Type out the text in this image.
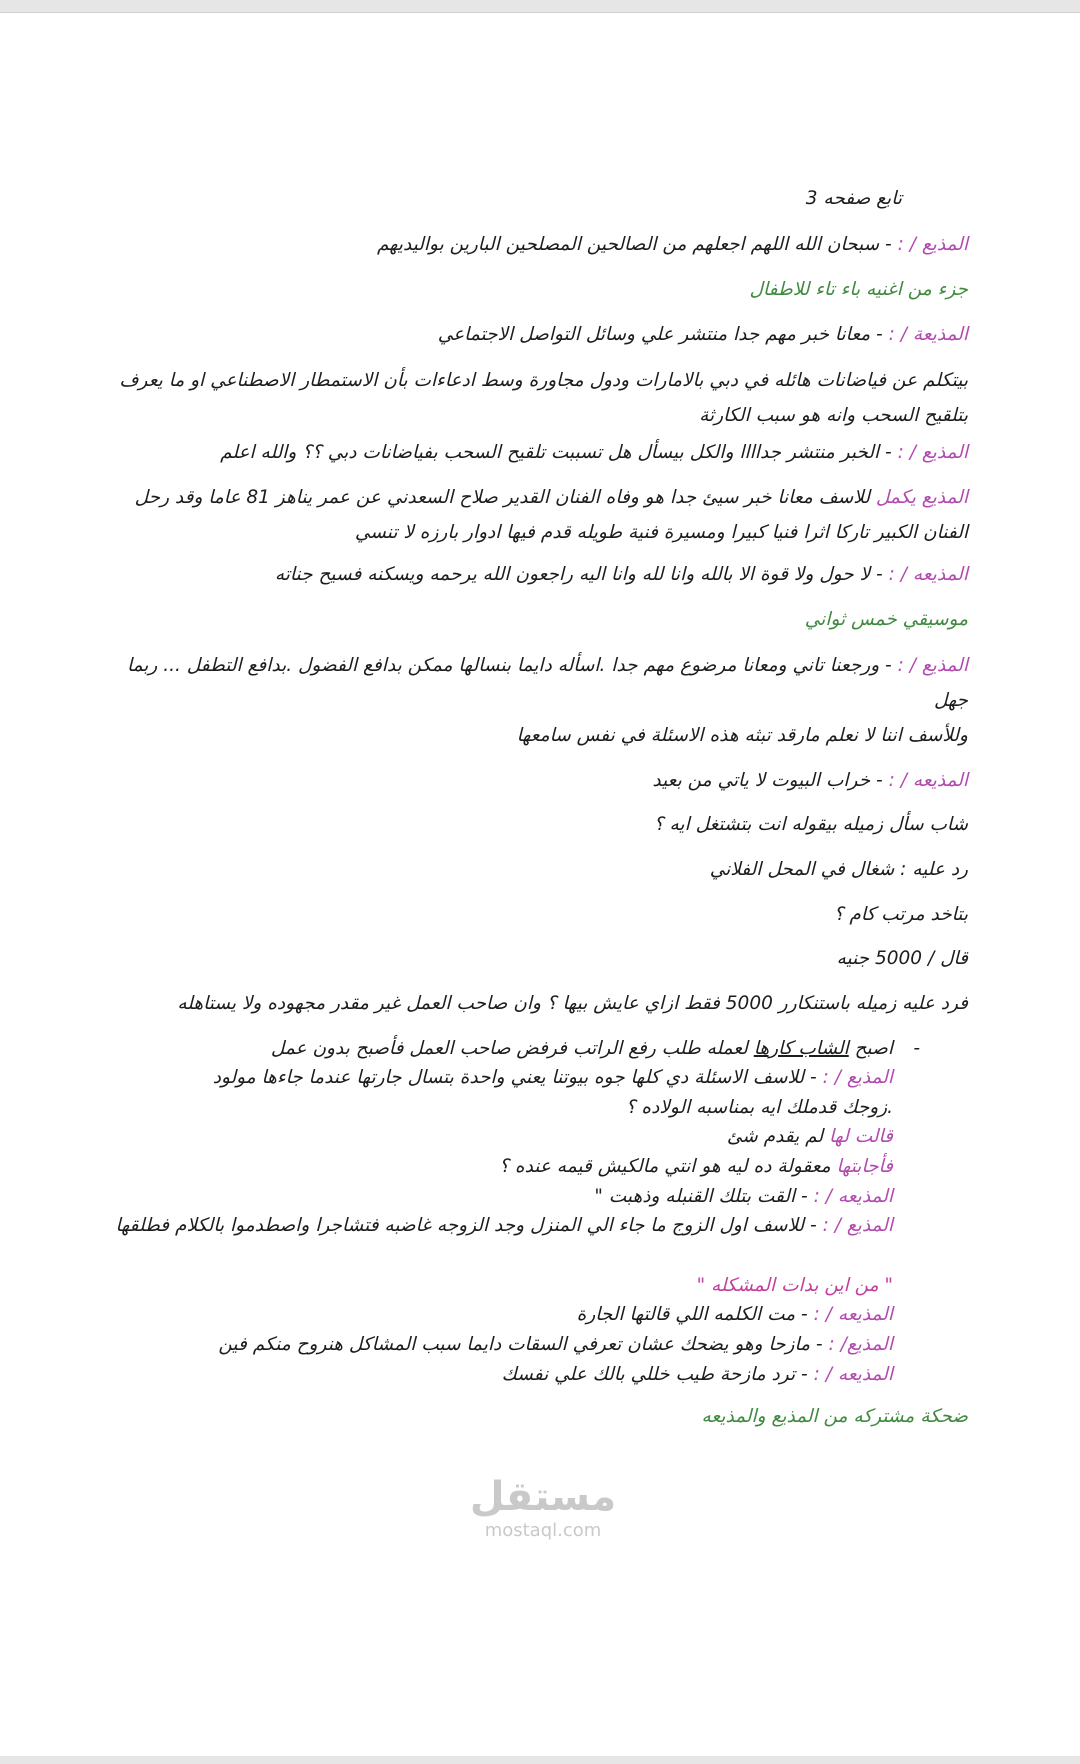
تابع صفحه 3
المذيع / : - سبحان الله اللهم اجعلهم من الصالحين المصلحين البارين بواليديهم
جزء من اغنيه باء تاء للاطفال
المذيعة / : - معانا خبر مهم جدا منتشر علي وسائل التواصل الاجتماعي
بيتكلم عن فياضانات هائله في دبي بالامارات ودول مجاورة وسط ادعاءات بأن الاستمطار الاصطناعي او ما يعرف بتلقيح السحب وانه هو سبب الكارثة
المذيع / : - الخبر منتشر جداااا والكل بيسأل هل تسببت تلقيح السحب بفياضانات دبي ؟؟ والله اعلم
المذيع يكمل للاسف معانا خبر سيئ جدا هو وفاه الفنان القدير صلاح السعدني عن عمر يناهز 81 عاما وقد رحل الفنان الكبير تاركا اثرا فنيا كبيرا ومسيرة فنية طويله قدم فيها ادوار بارزه لا تنسي
المذيعه / : - لا حول ولا قوة الا بالله وانا لله وانا اليه راجعون الله يرحمه ويسكنه فسيح جناته
موسيقي خمس ثواني
المذيع / : - ورجعنا تاني ومعانا مرضوع مهم جدا .اسأله دايما بنسالها ممكن بدافع الفضول .بدافع التطفل ... ربما جهل
وللأسف اننا لا نعلم مارقد تبثه هذه الاسئلة في نفس سامعها
المذيعه / : - خراب البيوت لا ياتي من بعيد
شاب سأل زميله بيقوله انت بتشتغل ايه ؟
رد عليه : شغال في المحل الفلاني
بتاخد مرتب كام ؟
قال / 5000 جنيه
فرد عليه زميله باستنكارر 5000 فقط ازاي عايش بيها ؟ وان صاحب العمل غير مقدر مجهوده ولا يستاهله
-
اصبح الشاب كارها لعمله طلب رفع الراتب فرفض صاحب العمل فأصبح بدون عمل
المذيع / : - للاسف الاسئلة دي كلها جوه بيوتنا يعني واحدة بتسال جارتها عندما جاءها مولود .زوجك قدملك ايه بمناسبه الولاده ؟
قالت لها لم يقدم شئ
فأجابتها معقولة ده ليه هو انتي مالكيش قيمه عنده ؟
المذيعه / : - القت بتلك القنبله وذهبت "
المذيع / : - للاسف اول الزوج ما جاء الي المنزل وجد الزوجه غاضبه فتشاجرا واصطدموا بالكلام فطلقها
" من اين بدات المشكله "
المذيعه / : - مت الكلمه اللي قالتها الجارة
المذيع/ : - مازحا وهو يضحك عشان تعرفي السقات دايما سبب المشاكل هنروح منكم فين
المذيعه / : - ترد مازحة طيب خللي بالك علي نفسك
ضحكة مشتركه من المذيع والمذيعه
مستقل
mostaql.com
